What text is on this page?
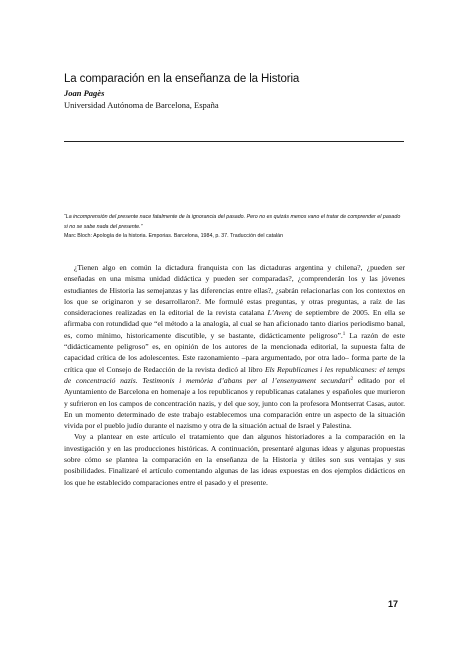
La comparación en la enseñanza de la Historia
Joan Pagès
Universidad Autónoma de Barcelona, España
“La incomprensión del presente nace fatalmente de la ignorancia del pasado. Pero no es quizás menos vano el tratar de comprender el pasado si no se sabe nada del presente.”
Marc Bloch: Apología de la historia. Emporias. Barcelona, 1984, p. 37. Traducción del catalán

¿Tienen algo en común la dictadura franquista con las dictaduras argentina y chilena?, ¿pueden ser enseñadas en una misma unidad didáctica y pueden ser comparadas?, ¿comprenderán los y las jóvenes estudiantes de Historia las semejanzas y las diferencias entre ellas?, ¿sabrán relacionarlas con los contextos en los que se originaron y se desarrollaron?. Me formulé estas preguntas, y otras preguntas, a raíz de las consideraciones realizadas en la editorial de la revista catalana L’Avenç de septiembre de 2005. En ella se afirmaba con rotundidad que “el método a la analogía, al cual se han aficionado tanto diarios periodismo banal, es, como mínimo, historicamente discutible, y se bastante, didácticamente peligroso”.$^1$ La razón de este “didácticamente peligroso” es, en opinión de los autores de la mencionada editorial, la supuesta falta de capacidad crítica de los adolescentes. Este razonamiento –para argumentado, por otra lado– forma parte de la crítica que el Consejo de Redacción de la revista dedicó al libro Els Republicanes i les republicanes: el temps de concentració nazis. Testimonis i memòria d’abans per al l’ensenyament secundari$^2$ editado por el Ayuntamiento de Barcelona en homenaje a los republicanos y republicanas catalanes y españoles que murieron y sufrieron en los campos de concentración nazis, y del que soy, junto con la profesora Montserrat Casas, autor. En un momento determinado de este trabajo establecemos una comparación entre un aspecto de la situación vivida por el pueblo judío durante el nazismo y otra de la situación actual de Israel y Palestina.

Voy a plantear en este artículo el tratamiento que dan algunos historiadores a la comparación en la investigación y en las producciones históricas. A continuación, presentaré algunas ideas y algunas propuestas sobre cómo se plantea la comparación en la enseñanza de la Historia y útiles son sus ventajas y sus posibilidades. Finalizaré el artículo comentando algunas de las ideas expuestas en dos ejemplos didácticos en los que he establecido comparaciones entre el pasado y el presente.

17
